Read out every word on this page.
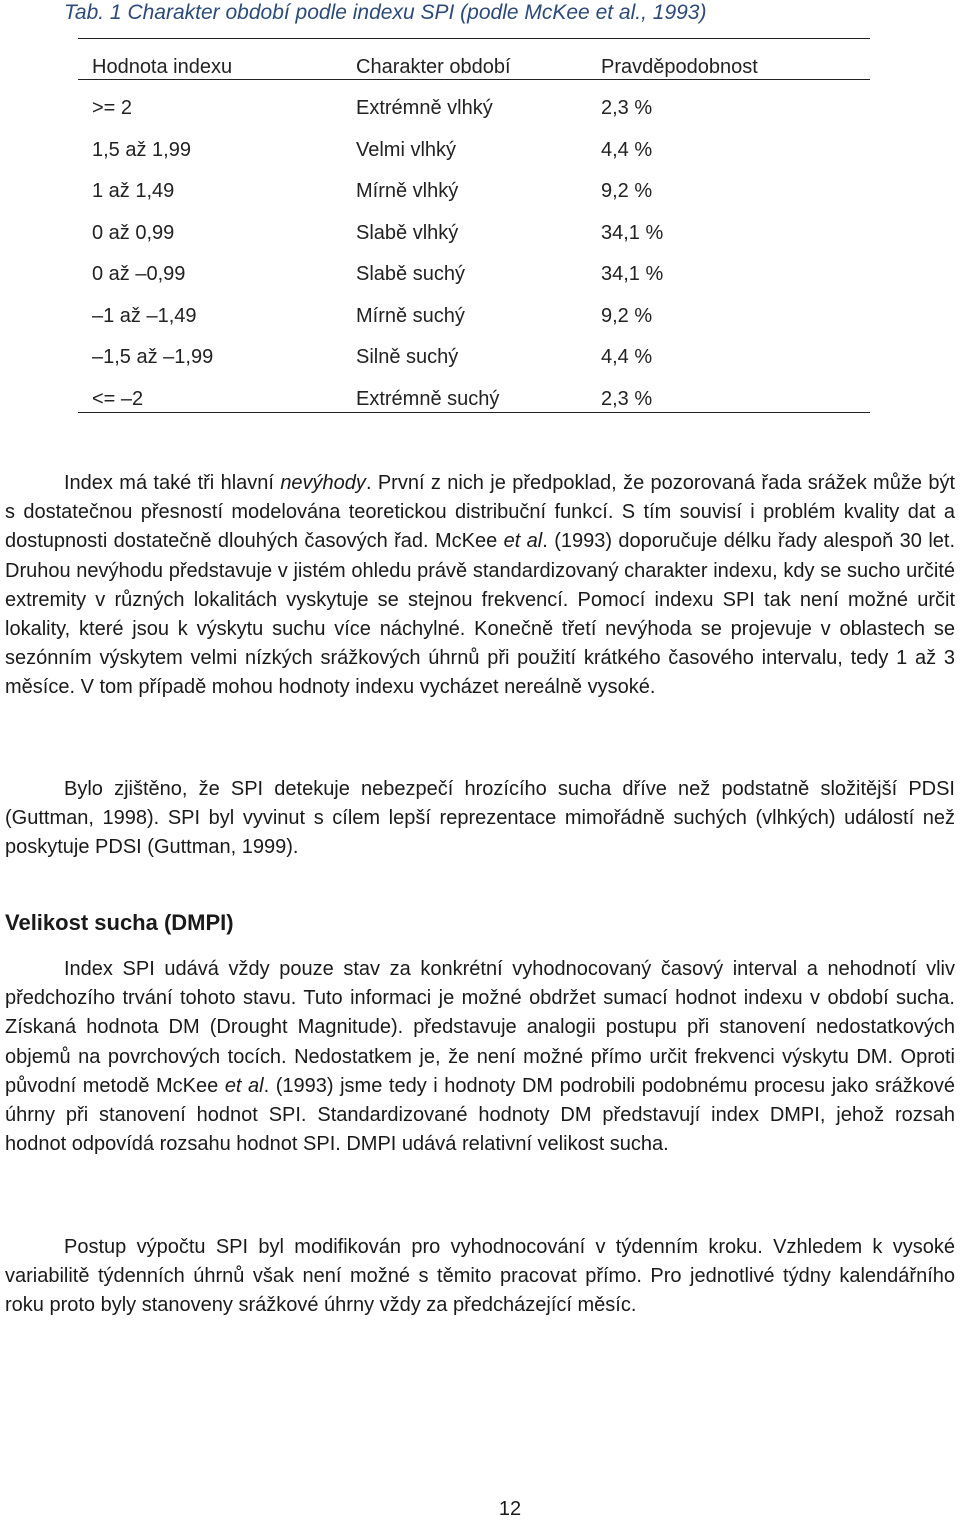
Tab. 1 Charakter období podle indexu SPI (podle McKee et al., 1993)
Hodnota indexu	Charakter období	Pravděpodobnost
>= 2	Extrémně vlhký	2,3 %
1,5 až 1,99	Velmi vlhký	4,4 %
1 až 1,49	Mírně vlhký	9,2 %
0 až 0,99	Slabě vlhký	34,1 %
0 až –0,99	Slabě suchý	34,1 %
–1 až –1,49	Mírně suchý	9,2 %
–1,5 až –1,99	Silně suchý	4,4 %
<= –2	Extrémně suchý	2,3 %
Index má také tři hlavní nevýhody. První z nich je předpoklad, že pozorovaná řada srážek může být s dostatečnou přesností modelována teoretickou distribuční funkcí. S tím souvisí i problém kvality dat a dostupnosti dostatečně dlouhých časových řad. McKee et al. (1993) doporučuje délku řady alespoň 30 let. Druhou nevýhodu představuje v jistém ohledu právě standardizovaný charakter indexu, kdy se sucho určité extremity v různých lokalitách vyskytuje se stejnou frekvencí. Pomocí indexu SPI tak není možné určit lokality, které jsou k výskytu suchu více náchylné. Konečně třetí nevýhoda se projevuje v oblastech se sezónním výskytem velmi nízkých srážkových úhrnů při použití krátkého časového intervalu, tedy 1 až 3 měsíce. V tom případě mohou hodnoty indexu vycházet nereálně vysoké.
Bylo zjištěno, že SPI detekuje nebezpečí hrozícího sucha dříve než podstatně složitější PDSI (Guttman, 1998). SPI byl vyvinut s cílem lepší reprezentace mimořádně suchých (vlhkých) událostí než poskytuje PDSI (Guttman, 1999).
Velikost sucha (DMPI)
Index SPI udává vždy pouze stav za konkrétní vyhodnocovaný časový interval a nehodnotí vliv předchozího trvání tohoto stavu. Tuto informaci je možné obdržet sumací hodnot indexu v období sucha. Získaná hodnota DM (Drought Magnitude). představuje analogii postupu při stanovení nedostatkových objemů na povrchových tocích. Nedostatkem je, že není možné přímo určit frekvenci výskytu DM. Oproti původní metodě McKee et al. (1993) jsme tedy i hodnoty DM podrobili podobnému procesu jako srážkové úhrny při stanovení hodnot SPI. Standardizované hodnoty DM představují index DMPI, jehož rozsah hodnot odpovídá rozsahu hodnot SPI. DMPI udává relativní velikost sucha.
Postup výpočtu SPI byl modifikován pro vyhodnocování v týdenním kroku. Vzhledem k vysoké variabilitě týdenních úhrnů však není možné s těmito pracovat přímo. Pro jednotlivé týdny kalendářního roku proto byly stanoveny srážkové úhrny vždy za předcházející měsíc.
12
